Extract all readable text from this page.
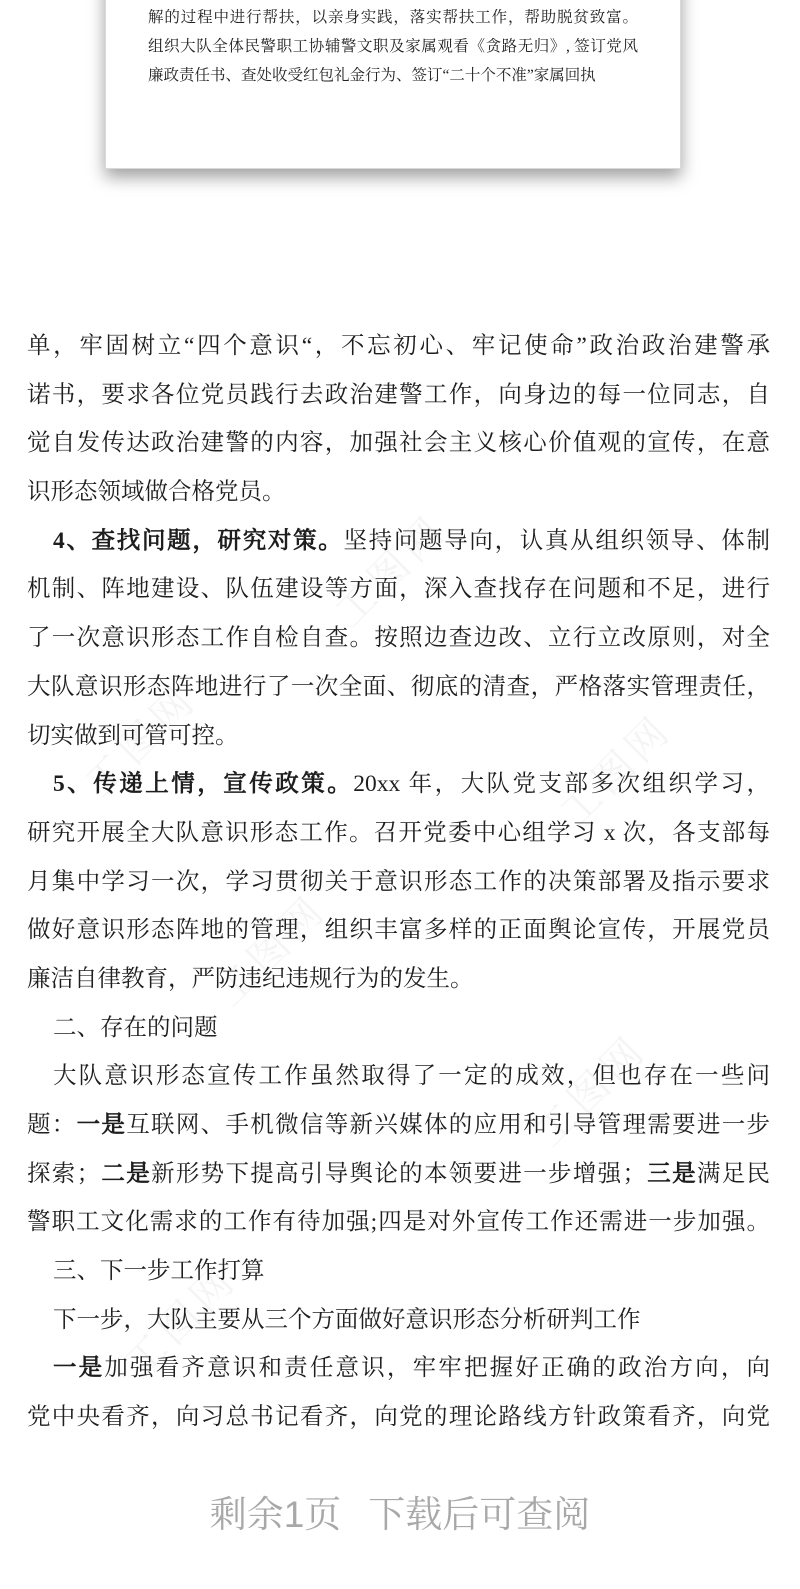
解的过程中进行帮扶，以亲身实践，落实帮扶工作，帮助脱贫致富。
组织大队全体民警职工协辅警文职及家属观看《贪路无归》, 签订党风
廉政责任书、查处收受红包礼金行为、签订“二十个不准”家属回执
单，牢固树立“四个意识“，不忘初心、牢记使命”政治政治建警承
诺书，要求各位党员践行去政治建警工作，向身边的每一位同志，自
觉自发传达政治建警的内容，加强社会主义核心价值观的宣传，在意
识形态领域做合格党员。
4、查找问题，研究对策。坚持问题导向，认真从组织领导、体制
机制、阵地建设、队伍建设等方面，深入查找存在问题和不足，进行
了一次意识形态工作自检自查。按照边查边改、立行立改原则，对全
大队意识形态阵地进行了一次全面、彻底的清查，严格落实管理责任，
切实做到可管可控。
5、传递上情，宣传政策。20xx 年，大队党支部多次组织学习，
研究开展全大队意识形态工作。召开党委中心组学习 x 次，各支部每
月集中学习一次，学习贯彻关于意识形态工作的决策部署及指示要求
做好意识形态阵地的管理，组织丰富多样的正面舆论宣传，开展党员
廉洁自律教育，严防违纪违规行为的发生。
二、存在的问题
大队意识形态宣传工作虽然取得了一定的成效，但也存在一些问
题：一是互联网、手机微信等新兴媒体的应用和引导管理需要进一步
探索；二是新形势下提高引导舆论的本领要进一步增强；三是满足民
警职工文化需求的工作有待加强;四是对外宣传工作还需进一步加强。
三、下一步工作打算
下一步，大队主要从三个方面做好意识形态分析研判工作
一是加强看齐意识和责任意识，牢牢把握好正确的政治方向，向
党中央看齐，向习总书记看齐，向党的理论路线方针政策看齐，向党
剩余1页 下载后可查阅
